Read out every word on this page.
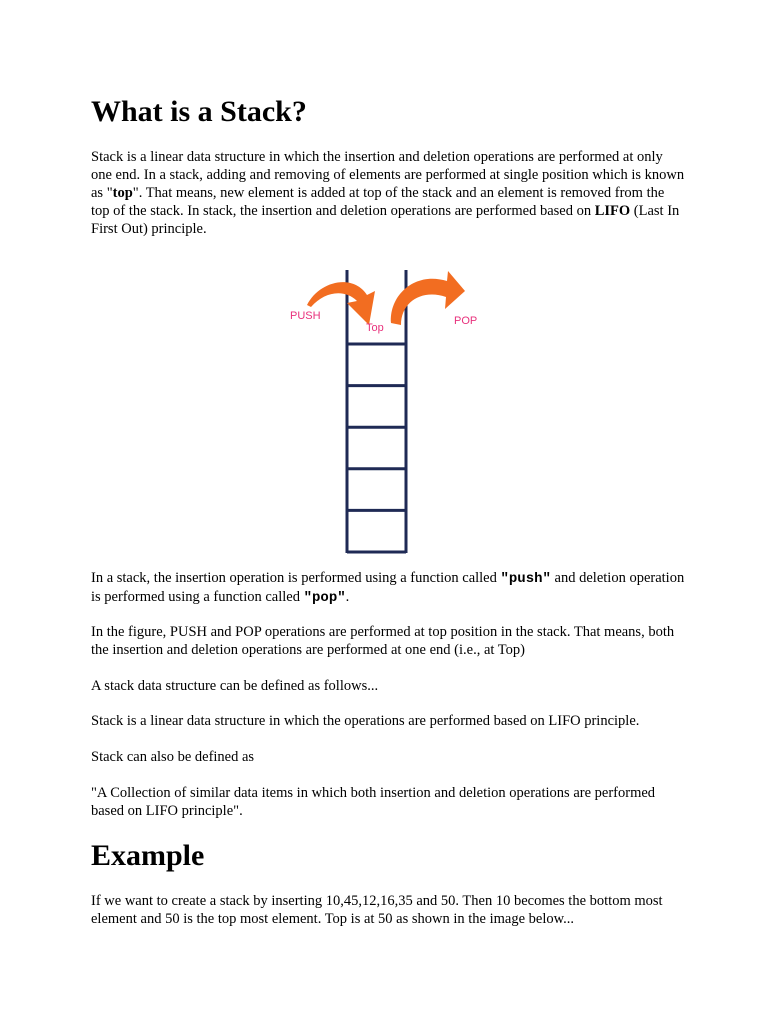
What is a Stack?

Stack is a linear data structure in which the insertion and deletion operations are performed at only one end. In a stack, adding and removing of elements are performed at single position which is known as "top". That means, new element is added at top of the stack and an element is removed from the top of the stack. In stack, the insertion and deletion operations are performed based on LIFO (Last In First Out) principle.

In a stack, the insertion operation is performed using a function called "push" and deletion operation is performed using a function called "pop".

In the figure, PUSH and POP operations are performed at top position in the stack. That means, both the insertion and deletion operations are performed at one end (i.e., at Top)

A stack data structure can be defined as follows...

Stack is a linear data structure in which the operations are performed based on LIFO principle.

Stack can also be defined as

"A Collection of similar data items in which both insertion and deletion operations are performed based on LIFO principle".

Example

If we want to create a stack by inserting 10,45,12,16,35 and 50. Then 10 becomes the bottom most element and 50 is the top most element. Top is at 50 as shown in the image below...

PUSH	POP
Top
